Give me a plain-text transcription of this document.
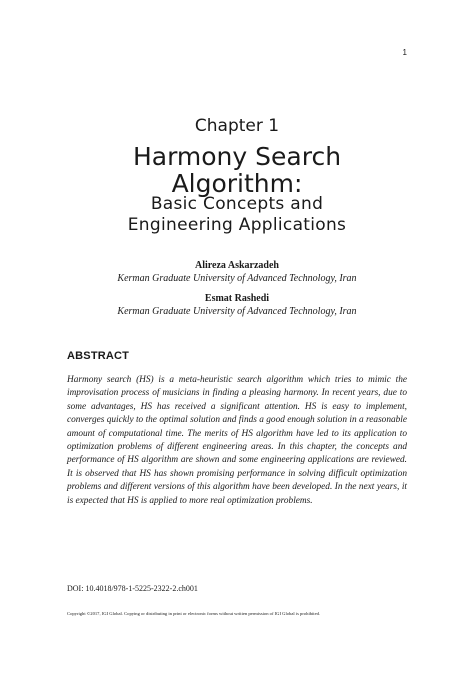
1
Chapter 1
Harmony Search
Algorithm:
Basic Concepts and
Engineering Applications
Alireza Askarzadeh
Kerman Graduate University of Advanced Technology, Iran
Esmat Rashedi
Kerman Graduate University of Advanced Technology, Iran
ABSTRACT
Harmony search (HS) is a meta-heuristic search algorithm which tries to mimic the improvisation process of musicians in finding a pleasing harmony. In recent years, due to some advantages, HS has received a significant attention. HS is easy to implement, converges quickly to the optimal solution and finds a good enough solution in a reasonable amount of computational time. The merits of HS algorithm have led to its application to optimization problems of different engineering areas. In this chapter, the concepts and performance of HS algorithm are shown and some engineering applications are reviewed. It is observed that HS has shown promising performance in solving difficult optimization problems and different versions of this algorithm have been developed. In the next years, it is expected that HS is applied to more real optimization problems.
DOI: 10.4018/978-1-5225-2322-2.ch001
Copyright ©2017, IGI Global. Copying or distributing in print or electronic forms without written permission of IGI Global is prohibited.
